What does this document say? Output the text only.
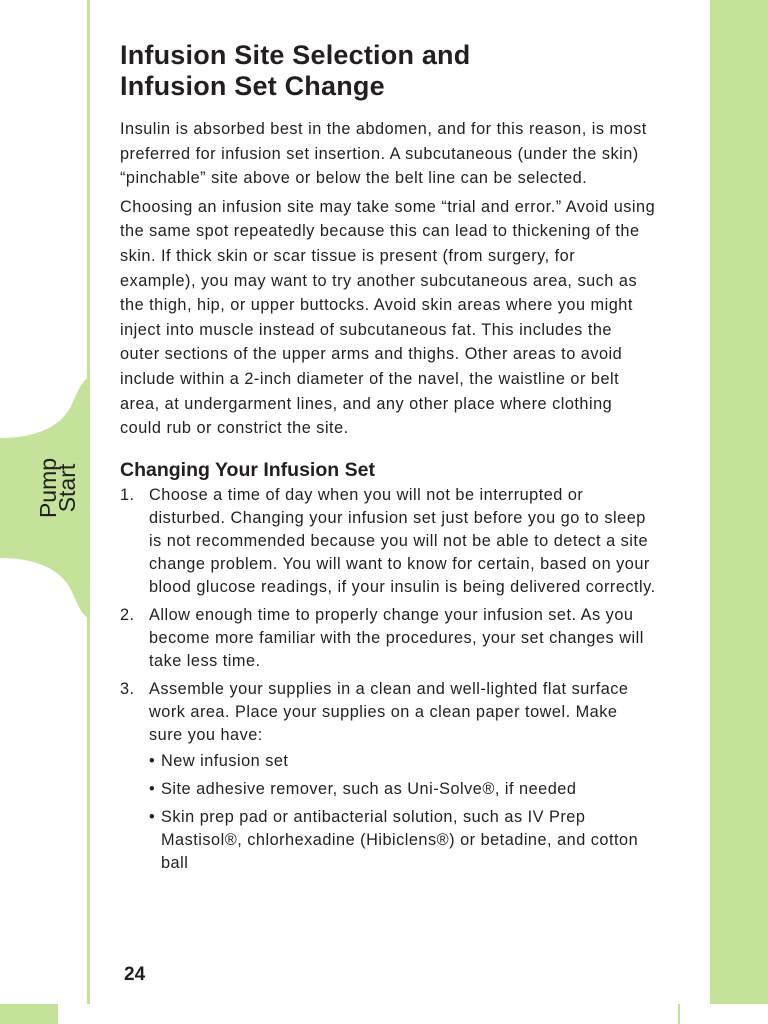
Pump
Start
Infusion Site Selection and
Infusion Set Change

Insulin is absorbed best in the abdomen, and for this reason, is most preferred for infusion set insertion. A subcutaneous (under the skin) “pinchable” site above or below the belt line can be selected.

Choosing an infusion site may take some “trial and error.” Avoid using the same spot repeatedly because this can lead to thickening of the skin. If thick skin or scar tissue is present (from surgery, for example), you may want to try another subcutaneous area, such as the thigh, hip, or upper buttocks. Avoid skin areas where you might inject into muscle instead of subcutaneous fat. This includes the outer sections of the upper arms and thighs. Other areas to avoid include within a 2-inch diameter of the navel, the waistline or belt area, at undergarment lines, and any other place where clothing could rub or constrict the site.

Changing Your Infusion Set
1. Choose a time of day when you will not be interrupted or disturbed. Changing your infusion set just before you go to sleep is not recommended because you will not be able to detect a site change problem. You will want to know for certain, based on your blood glucose readings, if your insulin is being delivered correctly.
2. Allow enough time to properly change your infusion set. As you become more familiar with the procedures, your set changes will take less time.
3. Assemble your supplies in a clean and well-lighted flat surface work area. Place your supplies on a clean paper towel. Make sure you have:
• New infusion set
• Site adhesive remover, such as Uni-Solve®, if needed
• Skin prep pad or antibacterial solution, such as IV Prep Mastisol®, chlorhexadine (Hibiclens®) or betadine, and cotton ball
24
